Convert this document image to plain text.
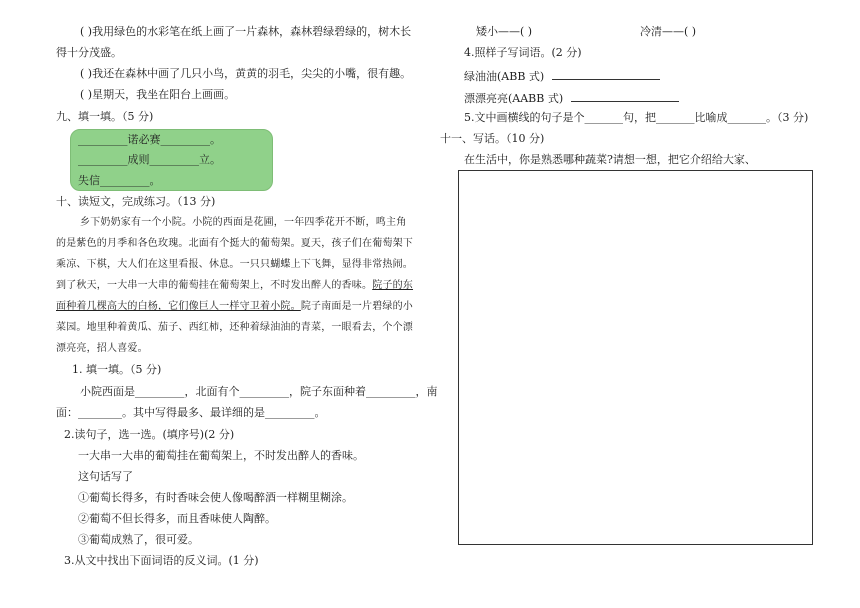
( )我用绿色的水彩笔在纸上画了一片森林，森林碧绿碧绿的，树木长
得十分茂盛。
( )我还在森林中画了几只小鸟，黄黄的羽毛，尖尖的小嘴，很有趣。
( )星期天，我坐在阳台上画画。
九、填一填。（5 分)
_________诺必赛_________。
_________成则_________立。
失信_________。
十、读短文，完成练习。（13 分)
乡下奶奶家有一个小院。小院的西面是花圃，一年四季花开不断，鸣主角
的是紫色的月季和各色玫瑰。北面有个挺大的葡萄架。夏天，孩子们在葡萄架下
乘凉、下棋，大人们在这里看报、休息。一只只蝴蝶上下飞舞，显得非常热闹。
到了秋天，一大串一大串的葡萄挂在葡萄架上，不时发出醉人的香味。院子的东
面种着几棵高大的白杨，它们像巨人一样守卫着小院。院子南面是一片碧绿的小
菜园。地里种着黄瓜、茄子、西红柿，还种着绿油油的青菜，一眼看去，个个漂
漂亮亮，招人喜爱。
1. 填一填。（5 分)
小院西面是_________，北面有个_________，院子东面种着_________，南
面：________。其中写得最多、最详细的是_________。
2.读句子，选一选。(填序号)(2 分)
一大串一大串的葡萄挂在葡萄架上，不时发出醉人的香味。
这句话写了
①葡萄长得多，有时香味会使人像喝醉酒一样糊里糊涂。
②葡萄不但长得多，而且香味使人陶醉。
③葡萄成熟了，很可爱。
3.从文中找出下面词语的反义词。(1 分)
矮小——( )	冷清——( )
4.照样子写词语。(2 分)
绿油油(ABB 式)
漂漂亮亮(AABB 式)
5.文中画横线的句子是个_______句，把_______比喻成_______。（3 分)
十一、写话。（10 分)
在生活中，你是熟悉哪种蔬菜?请想一想，把它介绍给大家、
